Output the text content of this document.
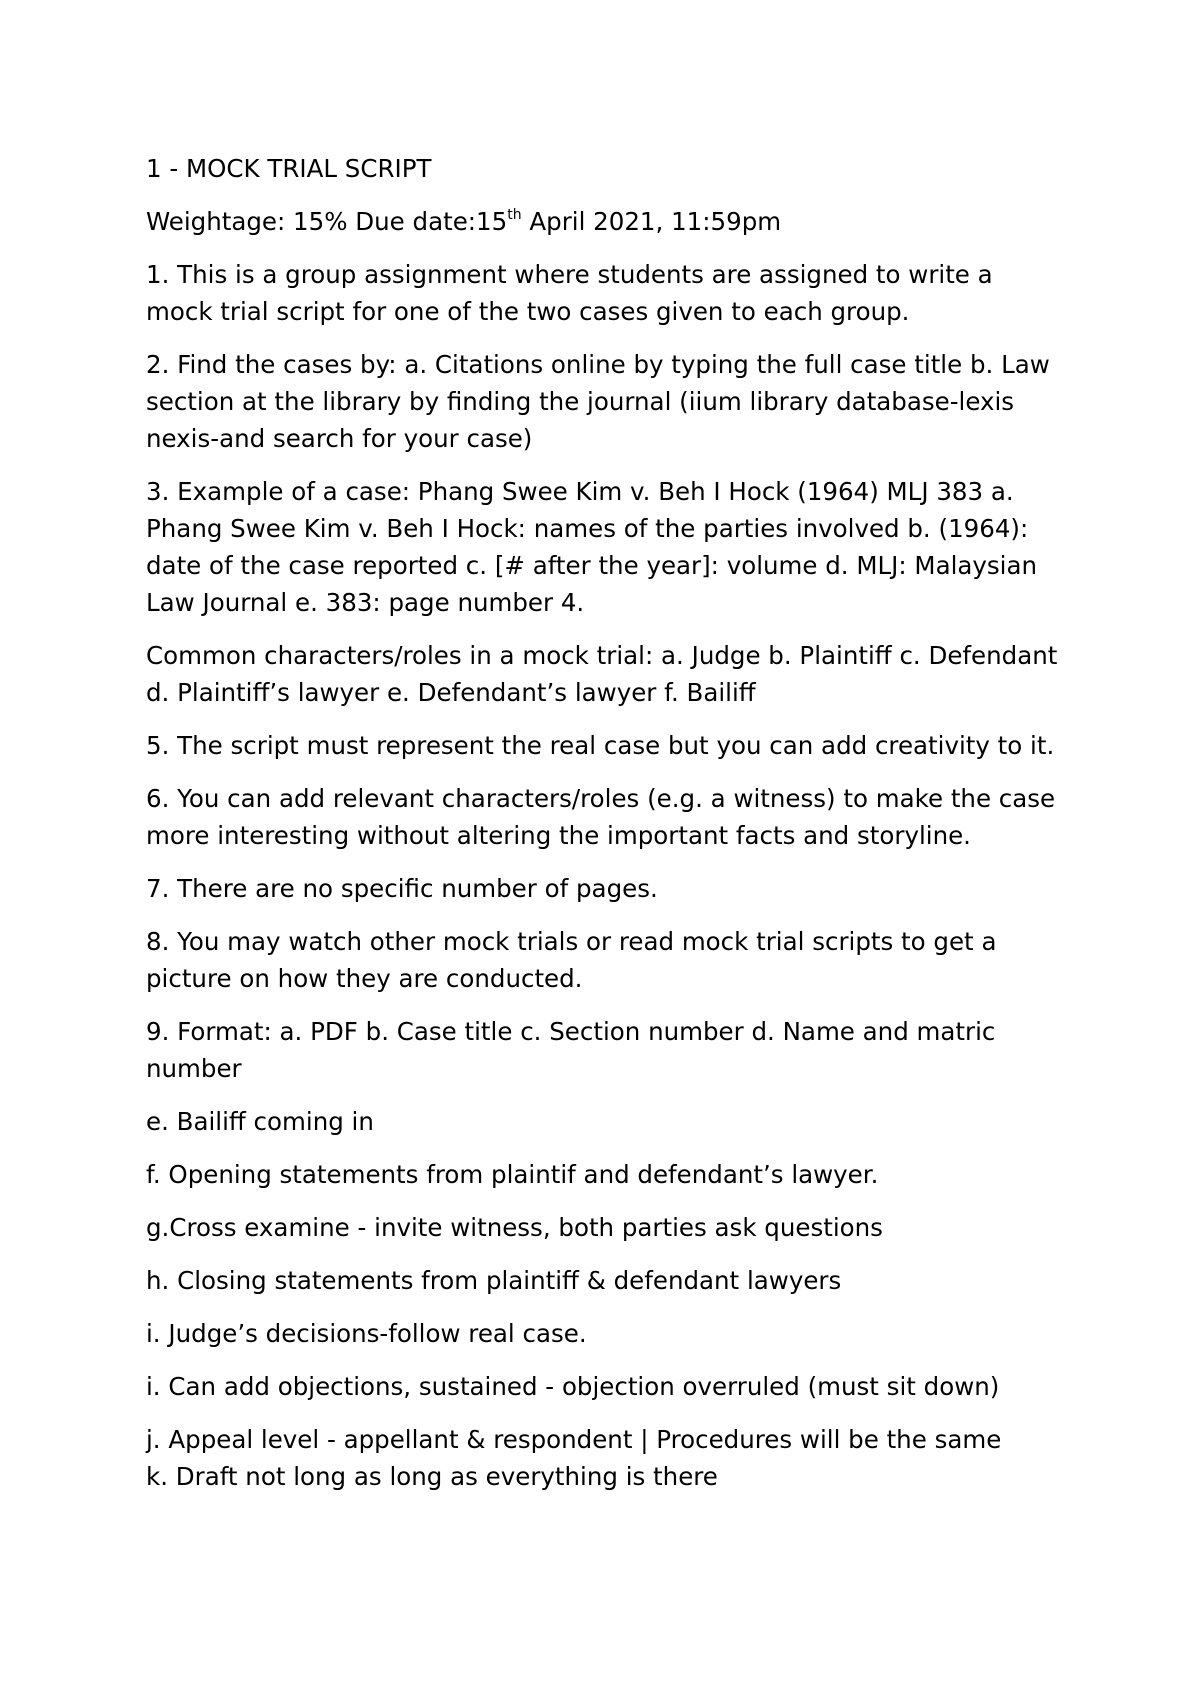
1 - MOCK TRIAL SCRIPT

Weightage: 15% Due date:15th April 2021, 11:59pm

1. This is a group assignment where students are assigned to write a mock trial script for one of the two cases given to each group.

2. Find the cases by: a. Citations online by typing the full case title b. Law section at the library by finding the journal (iium library database-lexis nexis-and search for your case)

3. Example of a case: Phang Swee Kim v. Beh I Hock (1964) MLJ 383 a. Phang Swee Kim v. Beh I Hock: names of the parties involved b. (1964): date of the case reported c. [# after the year]: volume d. MLJ: Malaysian Law Journal e. 383: page number 4.

Common characters/roles in a mock trial: a. Judge b. Plaintiff c. Defendant d. Plaintiff’s lawyer e. Defendant’s lawyer f. Bailiff

5. The script must represent the real case but you can add creativity to it.

6. You can add relevant characters/roles (e.g. a witness) to make the case more interesting without altering the important facts and storyline.

7. There are no specific number of pages.

8. You may watch other mock trials or read mock trial scripts to get a picture on how they are conducted.

9. Format: a. PDF b. Case title c. Section number d. Name and matric number

e. Bailiff coming in

f. Opening statements from plaintif and defendant’s lawyer.

g.Cross examine - invite witness, both parties ask questions

h. Closing statements from plaintiff & defendant lawyers

i. Judge’s decisions-follow real case.

i. Can add objections, sustained - objection overruled (must sit down)

j. Appeal level - appellant & respondent | Procedures will be the same

k. Draft not long as long as everything is there
